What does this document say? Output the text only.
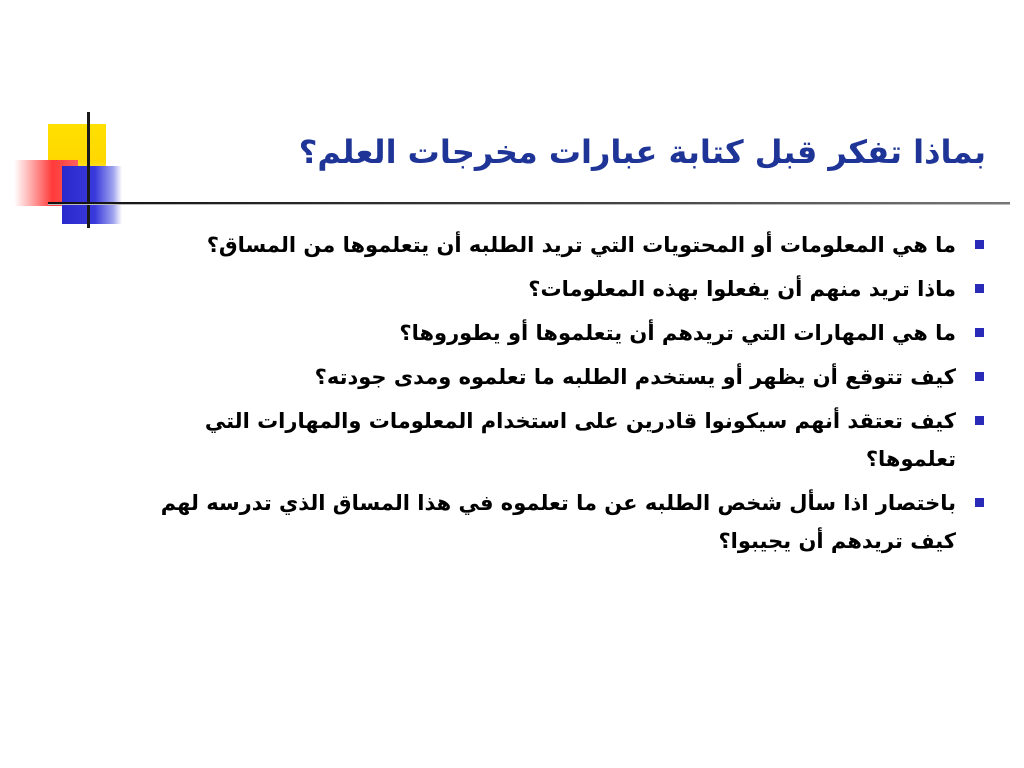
بماذا تفكر قبل كتابة عبارات مخرجات العلم؟
ما هي المعلومات أو المحتويات التي تريد الطلبه أن يتعلموها من المساق؟
ماذا تريد منهم أن يفعلوا بهذه المعلومات؟
ما هي المهارات التي تريدهم أن يتعلموها أو يطوروها؟
كيف تتوقع أن يظهر أو يستخدم الطلبه ما تعلموه ومدى جودته؟
كيف تعتقد أنهم سيكونوا قادرين على استخدام المعلومات والمهارات التي تعلموها؟
باختصار اذا سأل شخص الطلبه عن ما تعلموه في هذا المساق الذي تدرسه لهم كيف تريدهم أن يجيبوا؟
